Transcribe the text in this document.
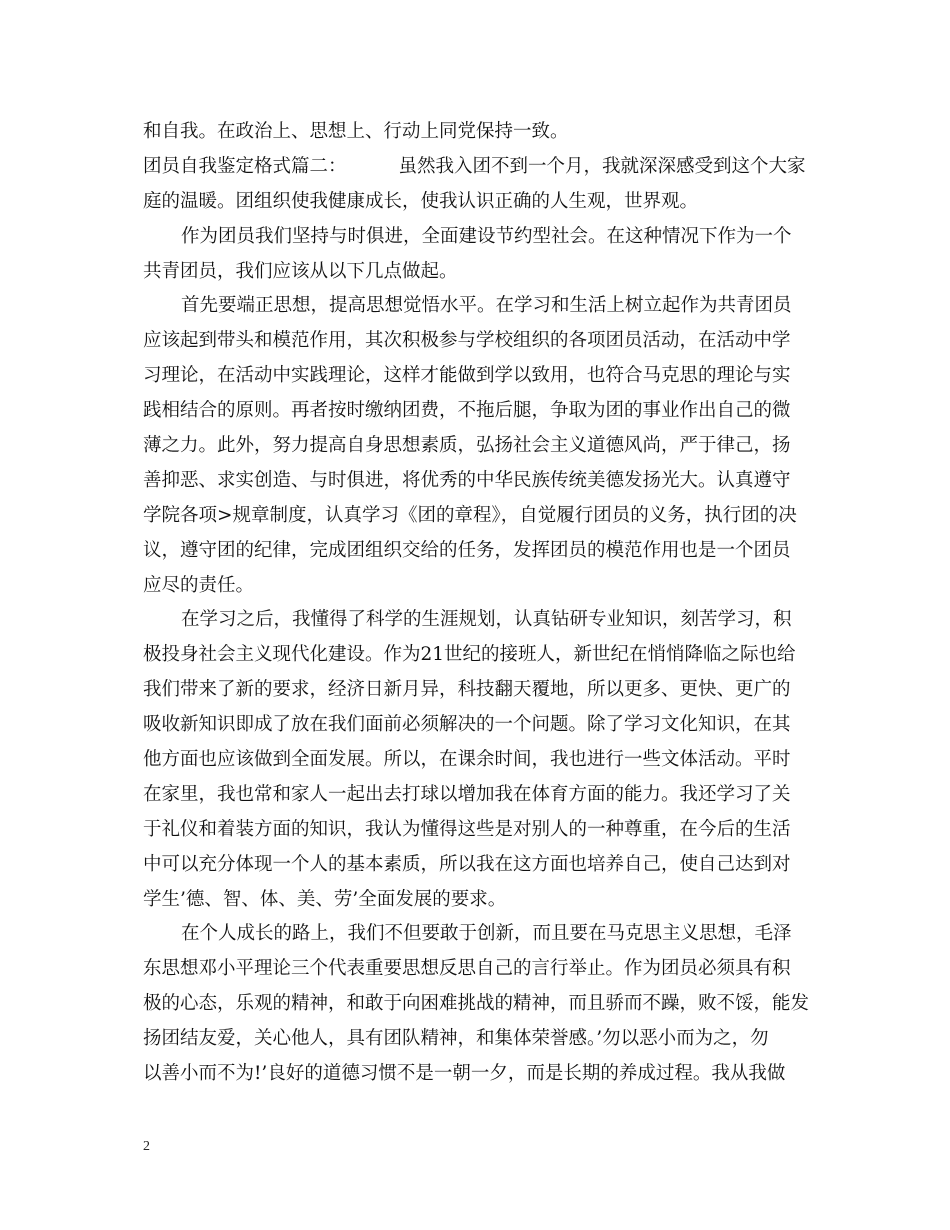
和自我。在政治上、思想上、行动上同党保持一致。
团员自我鉴定格式篇二：	虽然我入团不到一个月，我就深深感受到这个大家
庭的温暖。团组织使我健康成长，使我认识正确的人生观，世界观。
作为团员我们坚持与时俱进，全面建设节约型社会。在这种情况下作为一个
共青团员，我们应该从以下几点做起。
首先要端正思想，提高思想觉悟水平。在学习和生活上树立起作为共青团员
应该起到带头和模范作用，其次积极参与学校组织的各项团员活动，在活动中学
习理论，在活动中实践理论，这样才能做到学以致用，也符合马克思的理论与实
践相结合的原则。再者按时缴纳团费，不拖后腿，争取为团的事业作出自己的微
薄之力。此外，努力提高自身思想素质，弘扬社会主义道德风尚，严于律己，扬
善抑恶、求实创造、与时俱进，将优秀的中华民族传统美德发扬光大。认真遵守
学院各项>规章制度，认真学习《团的章程》，自觉履行团员的义务，执行团的决
议，遵守团的纪律，完成团组织交给的任务，发挥团员的模范作用也是一个团员
应尽的责任。
在学习之后，我懂得了科学的生涯规划，认真钻研专业知识，刻苦学习，积
极投身社会主义现代化建设。作为21世纪的接班人，新世纪在悄悄降临之际也给
我们带来了新的要求，经济日新月异，科技翻天覆地，所以更多、更快、更广的
吸收新知识即成了放在我们面前必须解决的一个问题。除了学习文化知识，在其
他方面也应该做到全面发展。所以，在课余时间，我也进行一些文体活动。平时
在家里，我也常和家人一起出去打球以增加我在体育方面的能力。我还学习了关
于礼仪和着装方面的知识，我认为懂得这些是对别人的一种尊重，在今后的生活
中可以充分体现一个人的基本素质，所以我在这方面也培养自己，使自己达到对
学生’德、智、体、美、劳’全面发展的要求。
在个人成长的路上，我们不但要敢于创新，而且要在马克思主义思想，毛泽
东思想邓小平理论三个代表重要思想反思自己的言行举止。作为团员必须具有积
极的心态，乐观的精神，和敢于向困难挑战的精神，而且骄而不躁，败不馁，能发
扬团结友爱，关心他人，具有团队精神，和集体荣誉感。’勿以恶小而为之，勿
以善小而不为!’良好的道德习惯不是一朝一夕，而是长期的养成过程。我从我做
2
